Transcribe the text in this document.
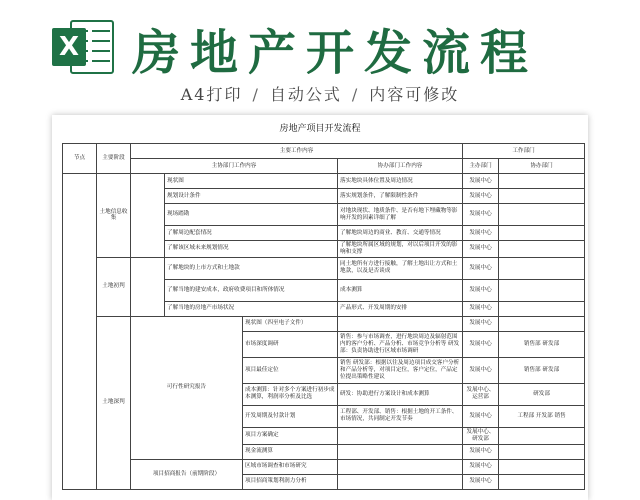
X 房地产开发流程
A4打印 / 自动公式 / 内容可修改
房地产项目开发流程
节点	主要阶段	主要工作内容				工作部门	
		主协部门工作内容			协办部门工作内容	主办部门	协办部门
	土地信息收集		现状图		落实地块具体位置及周边情况	发展中心	
			规划设计条件		落实规划条件，了解限制性条件	发展中心	
			现场踏勘		对地块现状、地质条件、是否有地下埋藏物等影响开发的因素详细了解	发展中心	
			了解周边配套情况		了解地块周边的商业、教育、交通等情况	发展中心	
			了解该区域未来规划情况		了解地块所属区域的规划，对以后项目开发的影响和支撑	发展中心	
	土地初判		了解地块的上市方式和土地款		同土地所有方进行接触，了解土地出让方式和土地款，以及是否谈成	发展中心	
			了解当地的建安成本，政府收费项目和所体情况		成本测算	发展中心	
			了解当地的房地产市场状况		产品形式、开发周期的安排	发展中心	
	土地深判	可行性研究报告		现状图（四至电子文件）		发展中心	
				市场深度调研	销售：参与市场调查，进行地块周边及辐射范围内的客户分析、产品分析、市场竞争分析等 研发部：负责协助进行区域市场调研	发展中心	销售部 研发部
				项目最佳定位	销售 研发部：根据以往及周边项目成交客户分析和产品分析等，对项目定位，客户定位，产品定位提出策略性建议	发展中心	销售部 研发部
				成本测算：针对多个方案进行初步成本测算，利润率分析及比选	研发：协助进行方案设计和成本测算	发展中心、运营部	研发部
				开发周期及付款计划	工程部、开发部、销售：根据土地的开工条件、市场情况，共同制定开发节奏	发展中心	工程部 开发部 销售
				项目方案确定		发展中心、研发部	
				现金流测算		发展中心	
		项目招商报告（前期阶段）		区域市场调查和市场研究		发展中心	
				项目招商策划利润力分析		发展中心	
